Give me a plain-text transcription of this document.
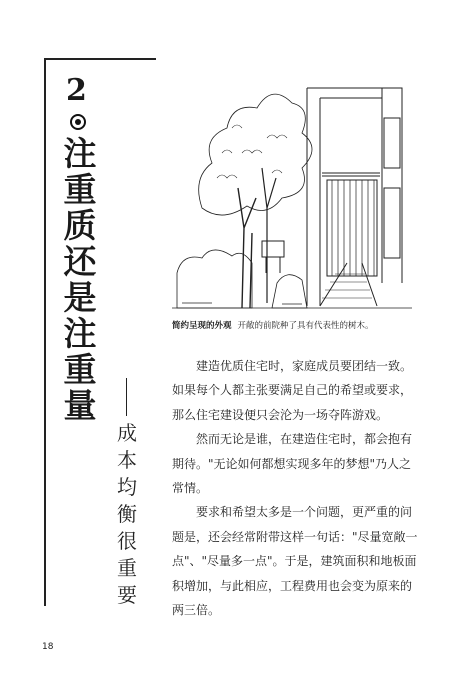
2
注
重
质
还
是
注
重
量
成
本
均
衡
很
重
要
简约呈现的外观 开敞的前院种了具有代表性的树木。

建造优质住宅时，家庭成员要团结一致。如果每个人都主张要满足自己的希望或要求，那么住宅建设便只会沦为一场夺阵游戏。

然而无论是谁，在建造住宅时，都会抱有期待。"无论如何都想实现多年的梦想"乃人之常情。

要求和希望太多是一个问题，更严重的问题是，还会经常附带这样一句话："尽量宽敞一点"、"尽量多一点"。于是，建筑面积和地板面积增加，与此相应，工程费用也会变为原来的两三倍。

18
